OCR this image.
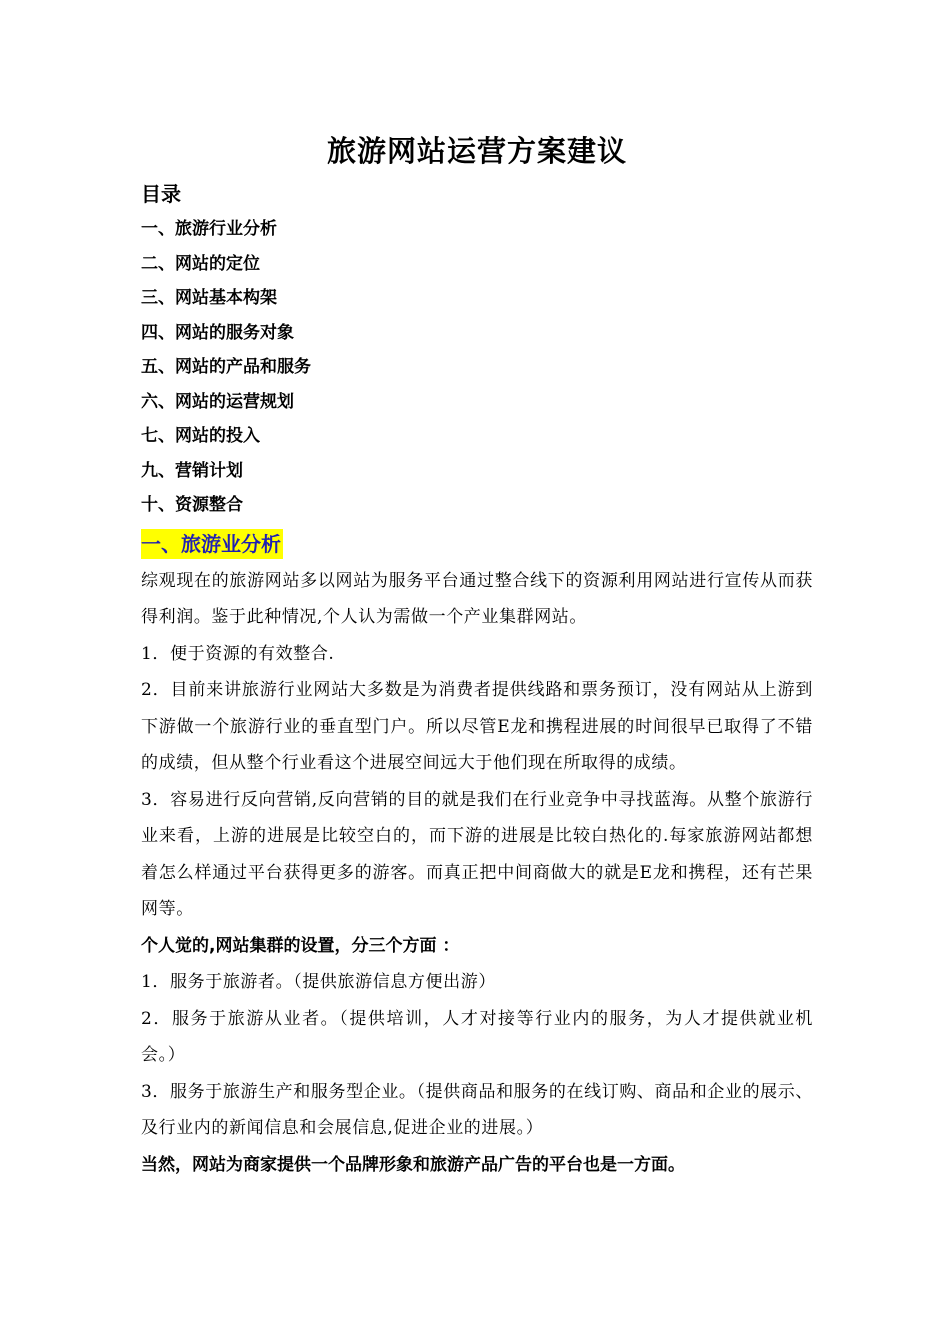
旅游网站运营方案建议
目录
一、旅游行业分析
二、网站的定位
三、网站基本构架
四、网站的服务对象
五、网站的产品和服务
六、网站的运营规划
七、网站的投入
九、营销计划
十、资源整合
一、旅游业分析

综观现在的旅游网站多以网站为服务平台通过整合线下的资源利用网站进行宣传从而获得利润。鉴于此种情况,个人认为需做一个产业集群网站。

1．便于资源的有效整合.

2．目前来讲旅游行业网站大多数是为消费者提供线路和票务预订，没有网站从上游到下游做一个旅游行业的垂直型门户。所以尽管E龙和携程进展的时间很早已取得了不错的成绩，但从整个行业看这个进展空间远大于他们现在所取得的成绩。

3．容易进行反向营销,反向营销的目的就是我们在行业竞争中寻找蓝海。从整个旅游行业来看，上游的进展是比较空白的，而下游的进展是比较白热化的.每家旅游网站都想着怎么样通过平台获得更多的游客。而真正把中间商做大的就是E龙和携程，还有芒果网等。

个人觉的,网站集群的设置，分三个方面 ：

1．服务于旅游者。（提供旅游信息方便出游）

2．服务于旅游从业者。（提供培训，人才对接等行业内的服务，为人才提供就业机会。）

3．服务于旅游生产和服务型企业。（提供商品和服务的在线订购、商品和企业的展示、及行业内的新闻信息和会展信息,促进企业的进展。）

当然，网站为商家提供一个品牌形象和旅游产品广告的平台也是一方面。
